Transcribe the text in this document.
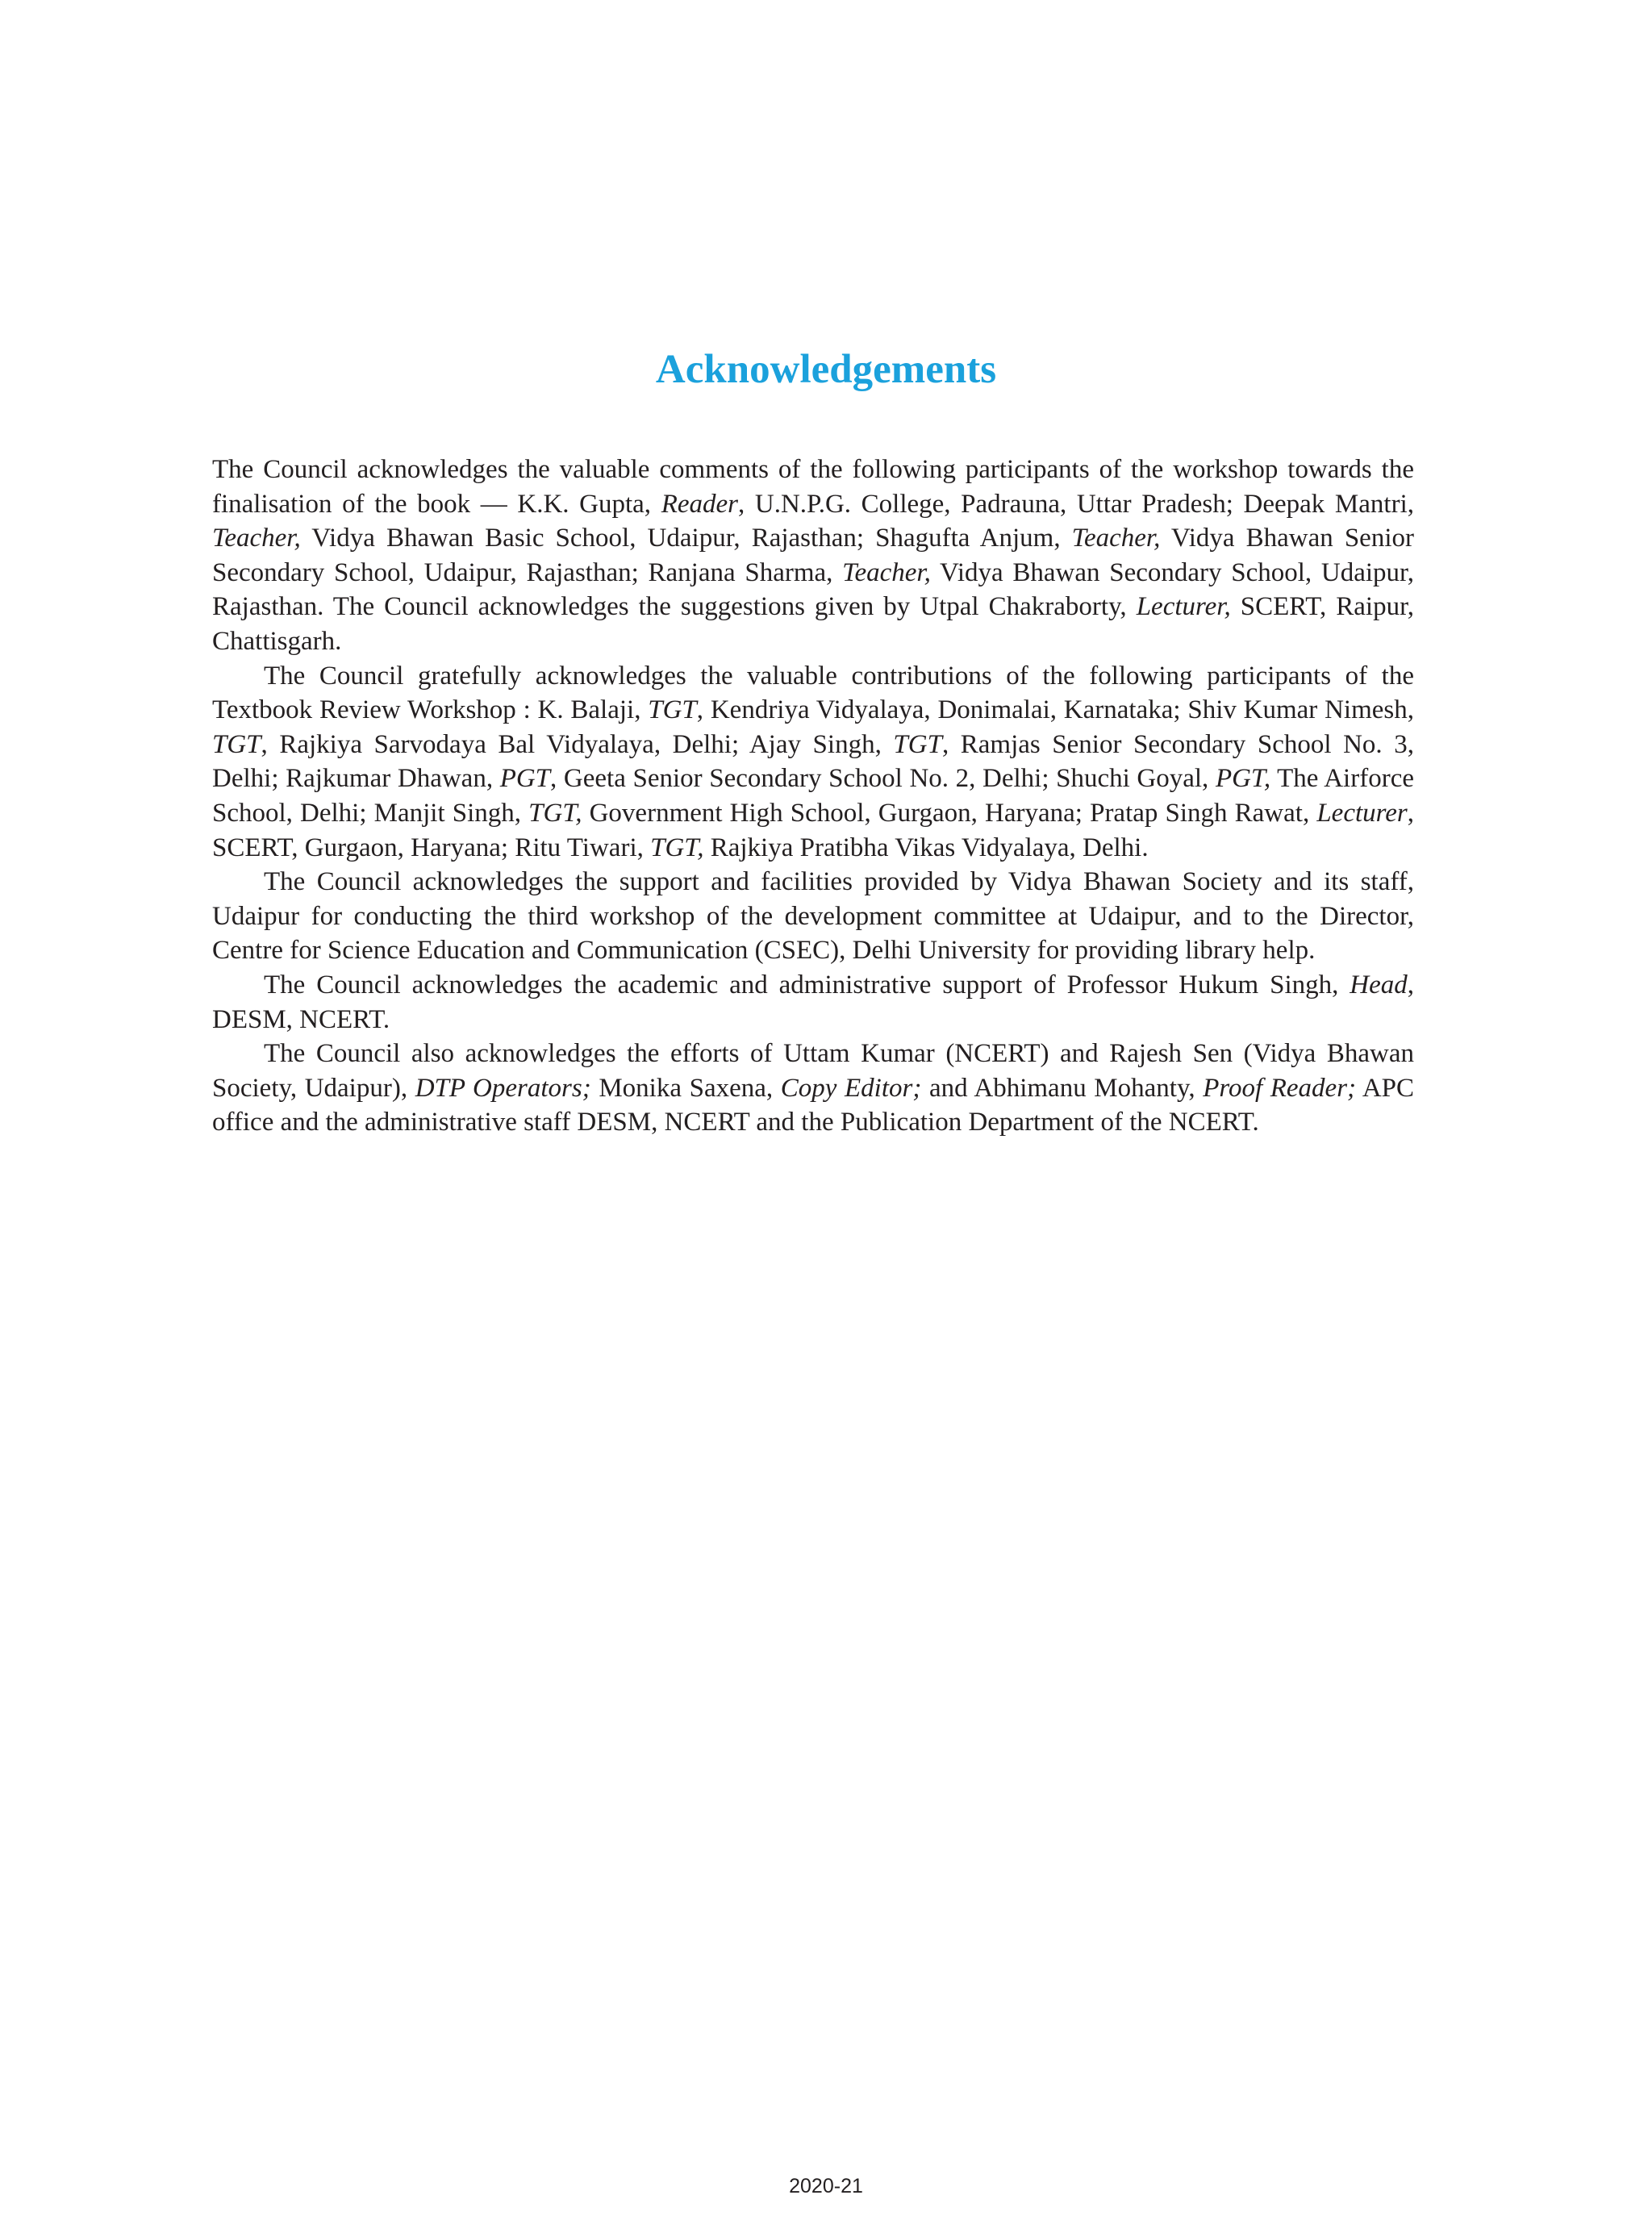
Acknowledgements

The Council acknowledges the valuable comments of the following participants of the workshop towards the finalisation of the book — K.K. Gupta, Reader, U.N.P.G. College, Padrauna, Uttar Pradesh; Deepak Mantri, Teacher, Vidya Bhawan Basic School, Udaipur, Rajasthan; Shagufta Anjum, Teacher, Vidya Bhawan Senior Secondary School, Udaipur, Rajasthan; Ranjana Sharma, Teacher, Vidya Bhawan Secondary School, Udaipur, Rajasthan. The Council acknowledges the suggestions given by Utpal Chakraborty, Lecturer, SCERT, Raipur, Chattisgarh.

The Council gratefully acknowledges the valuable contributions of the following participants of the Textbook Review Workshop : K. Balaji, TGT, Kendriya Vidyalaya, Donimalai, Karnataka; Shiv Kumar Nimesh, TGT, Rajkiya Sarvodaya Bal Vidyalaya, Delhi; Ajay Singh, TGT, Ramjas Senior Secondary School No. 3, Delhi; Rajkumar Dhawan, PGT, Geeta Senior Secondary School No. 2, Delhi; Shuchi Goyal, PGT, The Airforce School, Delhi; Manjit Singh, TGT, Government High School, Gurgaon, Haryana; Pratap Singh Rawat, Lecturer, SCERT, Gurgaon, Haryana; Ritu Tiwari, TGT, Rajkiya Pratibha Vikas Vidyalaya, Delhi.

The Council acknowledges the support and facilities provided by Vidya Bhawan Society and its staff, Udaipur for conducting the third workshop of the development committee at Udaipur, and to the Director, Centre for Science Education and Communication (CSEC), Delhi University for providing library help.

The Council acknowledges the academic and administrative support of Professor Hukum Singh, Head, DESM, NCERT.

The Council also acknowledges the efforts of Uttam Kumar (NCERT) and Rajesh Sen (Vidya Bhawan Society, Udaipur), DTP Operators; Monika Saxena, Copy Editor; and Abhimanu Mohanty, Proof Reader; APC office and the administrative staff DESM, NCERT and the Publication Department of the NCERT.

2020-21
